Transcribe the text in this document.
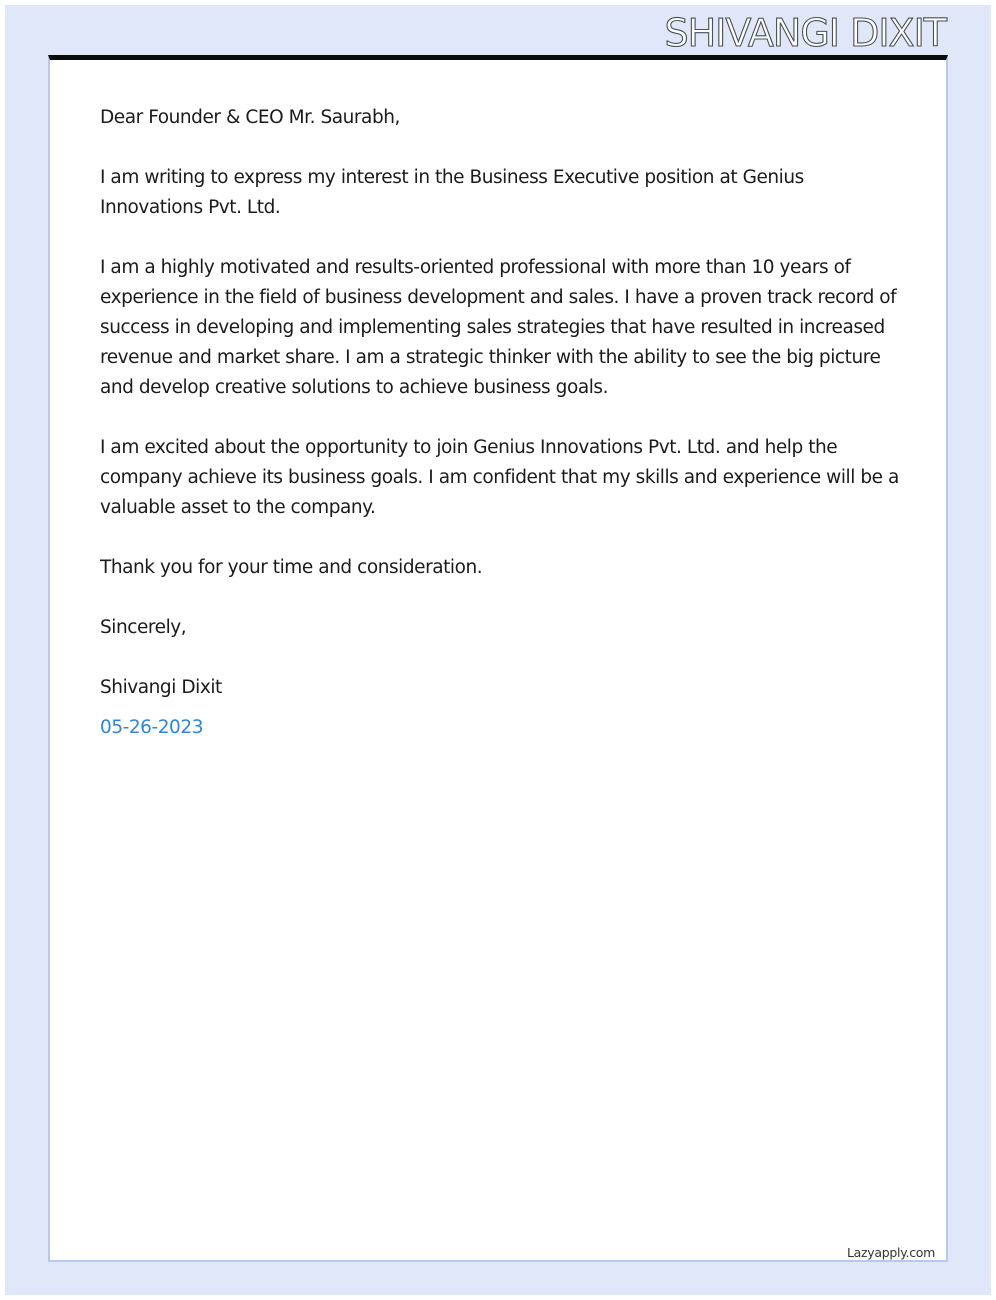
SHIVANGI DIXIT

Dear Founder & CEO Mr. Saurabh,

I am writing to express my interest in the Business Executive position at Genius Innovations Pvt. Ltd.

I am a highly motivated and results-oriented professional with more than 10 years of experience in the field of business development and sales. I have a proven track record of success in developing and implementing sales strategies that have resulted in increased revenue and market share. I am a strategic thinker with the ability to see the big picture and develop creative solutions to achieve business goals.

I am excited about the opportunity to join Genius Innovations Pvt. Ltd. and help the company achieve its business goals. I am confident that my skills and experience will be a valuable asset to the company.

Thank you for your time and consideration.

Sincerely,

Shivangi Dixit

05-26-2023

Lazyapply.com
